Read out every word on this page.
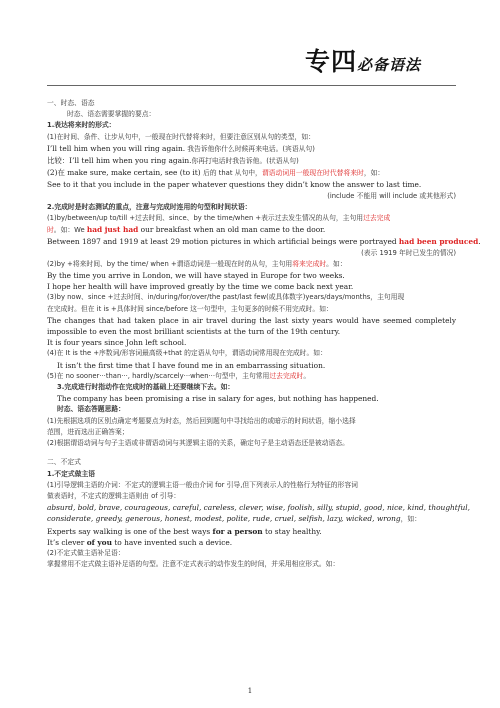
专四必备语法
一、时态、语态
时态、语态需要掌握的要点：
1.表达将来时的形式：
(1)在时间、条件、让步从句中，一般现在时代替将来时，但要注意区别从句的类型，如：
I’ll tell him when you will ring again. 我告诉他你什么时候再来电话。(宾语从句)
比较：I’ll tell him when you ring again.你再打电话时我告诉他。(状语从句)
(2)在 make sure, make certain, see (to it) 后的 that 从句中，谓语动词用一般现在时代替将来时，如：
See to it that you include in the paper whatever questions they didn’t know the answer to last time.
(include 不能用 will include 或其他形式)
2.完成时是时态测试的重点，注意与完成时连用的句型和时间状语：
(1)by/between/up to/till +过去时间、since、by the time/when +表示过去发生情况的从句，主句用过去完成
时。如：We had just had our breakfast when an old man came to the door.
Between 1897 and 1919 at least 29 motion pictures in which artificial beings were portrayed had been produced.
(表示 1919 年时已发生的情况)
(2)by +将来时间、by the time/ when +谓语动词是一般现在时的从句，主句用将来完成时。如：
By the time you arrive in London, we will have stayed in Europe for two weeks.
I hope her health will have improved greatly by the time we come back next year.
(3)by now、since +过去时间、in/during/for/over/the past/last few(或具体数字)years/days/months，主句用现
在完成时。但在 it is +具体时间 since/before 这一句型中，主句更多的时候不用完成时。如：
The changes that had taken place in air travel during the last sixty years would have seemed completely impossible to even the most brilliant scientists at the turn of the 19th century.
It is four years since John left school.
(4)在 It is the +序数词/形容词最高级+that 的定语从句中，谓语动词常用现在完成时。如：
It isn’t the first time that I have found me in an embarrassing situation.
(5)在 no sooner···than···, hardly/scarcely···when···句型中，主句常用过去完成时。
3.完成进行时指动作在完成时的基础上还要继续下去。如：
The company has been promising a rise in salary for ages, but nothing has happened.
时态、语态答题思路：
(1)先根据选项的区别点确定考题要点为时态，然后回到题句中寻找给出的或暗示的时间状语，缩小选择
范围，进而选出正确答案；
(2)根据谓语动词与句子主语或非谓语动词与其逻辑主语的关系，确定句子是主动语态还是被动语态。
二、不定式
1.不定式做主语
(1)引导逻辑主语的介词：不定式的逻辑主语一般由介词 for 引导,但下列表示人的性格行为特征的形容词
做表语时，不定式的逻辑主语则由 of 引导：
absurd, bold, brave, courageous, careful, careless, clever, wise, foolish, silly, stupid, good, nice, kind, thoughtful,
considerate, greedy, generous, honest, modest, polite, rude, cruel, selfish, lazy, wicked, wrong，如：
Experts say walking is one of the best ways for a person to stay healthy.
It’s clever of you to have invented such a device.
(2)不定式做主语补足语：
掌握常用不定式做主语补足语的句型。注意不定式表示的动作发生的时间，并采用相应形式。如：
1
